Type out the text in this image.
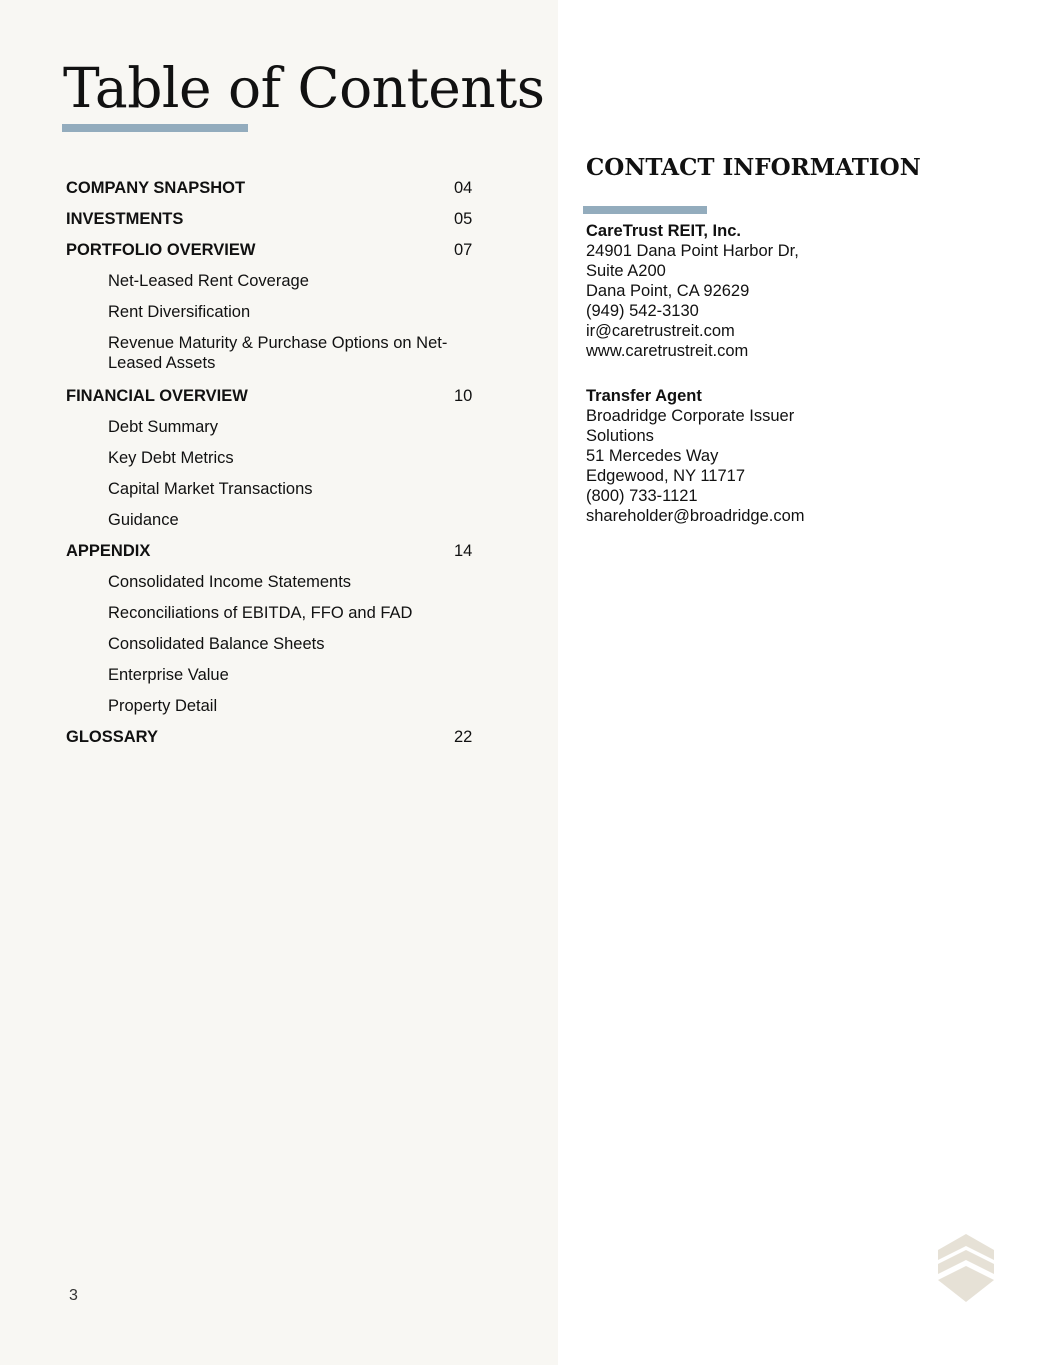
Table of Contents
COMPANY SNAPSHOT	04
INVESTMENTS	05
PORTFOLIO OVERVIEW	07
Net-Leased Rent Coverage
Rent Diversification
Revenue Maturity & Purchase Options on Net-Leased Assets
FINANCIAL OVERVIEW	10
Debt Summary
Key Debt Metrics
Capital Market Transactions
Guidance
APPENDIX	14
Consolidated Income Statements
Reconciliations of EBITDA, FFO and FAD
Consolidated Balance Sheets
Enterprise Value
Property Detail
GLOSSARY	22
CONTACT INFORMATION
CareTrust REIT, Inc.
24901 Dana Point Harbor Dr,
Suite A200
Dana Point, CA 92629
(949) 542-3130
ir@caretrustreit.com
www.caretrustreit.com
Transfer Agent
Broadridge Corporate Issuer
Solutions
51 Mercedes Way
Edgewood, NY 11717
(800) 733-1121
shareholder@broadridge.com
3
